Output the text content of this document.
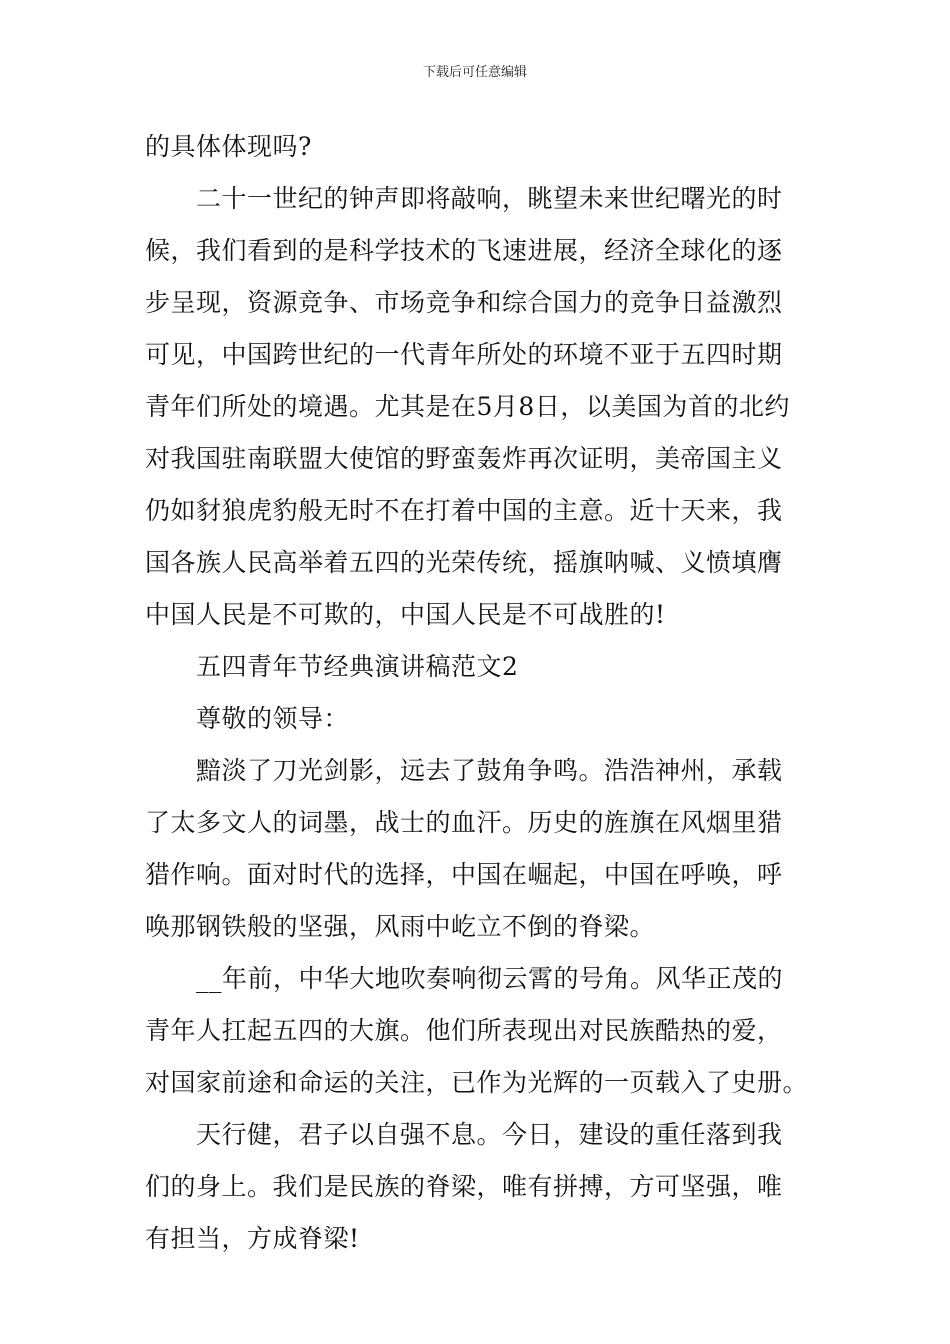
下载后可任意编辑
的具体体现吗?
　　二十一世纪的钟声即将敲响，眺望未来世纪曙光的时
候，我们看到的是科学技术的飞速进展，经济全球化的逐
步呈现，资源竞争、市场竞争和综合国力的竞争日益激烈
可见，中国跨世纪的一代青年所处的环境不亚于五四时期
青年们所处的境遇。尤其是在5月8日，以美国为首的北约
对我国驻南联盟大使馆的野蛮轰炸再次证明，美帝国主义
仍如豺狼虎豹般无时不在打着中国的主意。近十天来，我
国各族人民高举着五四的光荣传统，摇旗呐喊、义愤填膺
中国人民是不可欺的，中国人民是不可战胜的!
　　五四青年节经典演讲稿范文2
　　尊敬的领导：
　　黯淡了刀光剑影，远去了鼓角争鸣。浩浩神州，承载
了太多文人的词墨，战士的血汗。历史的旌旗在风烟里猎
猎作响。面对时代的选择，中国在崛起，中国在呼唤，呼
唤那钢铁般的坚强，风雨中屹立不倒的脊梁。
　　__年前，中华大地吹奏响彻云霄的号角。风华正茂的
青年人扛起五四的大旗。他们所表现出对民族酷热的爱，
对国家前途和命运的关注，已作为光辉的一页载入了史册。
　　天行健，君子以自强不息。今日，建设的重任落到我
们的身上。我们是民族的脊梁，唯有拼搏，方可坚强，唯
有担当，方成脊梁!
